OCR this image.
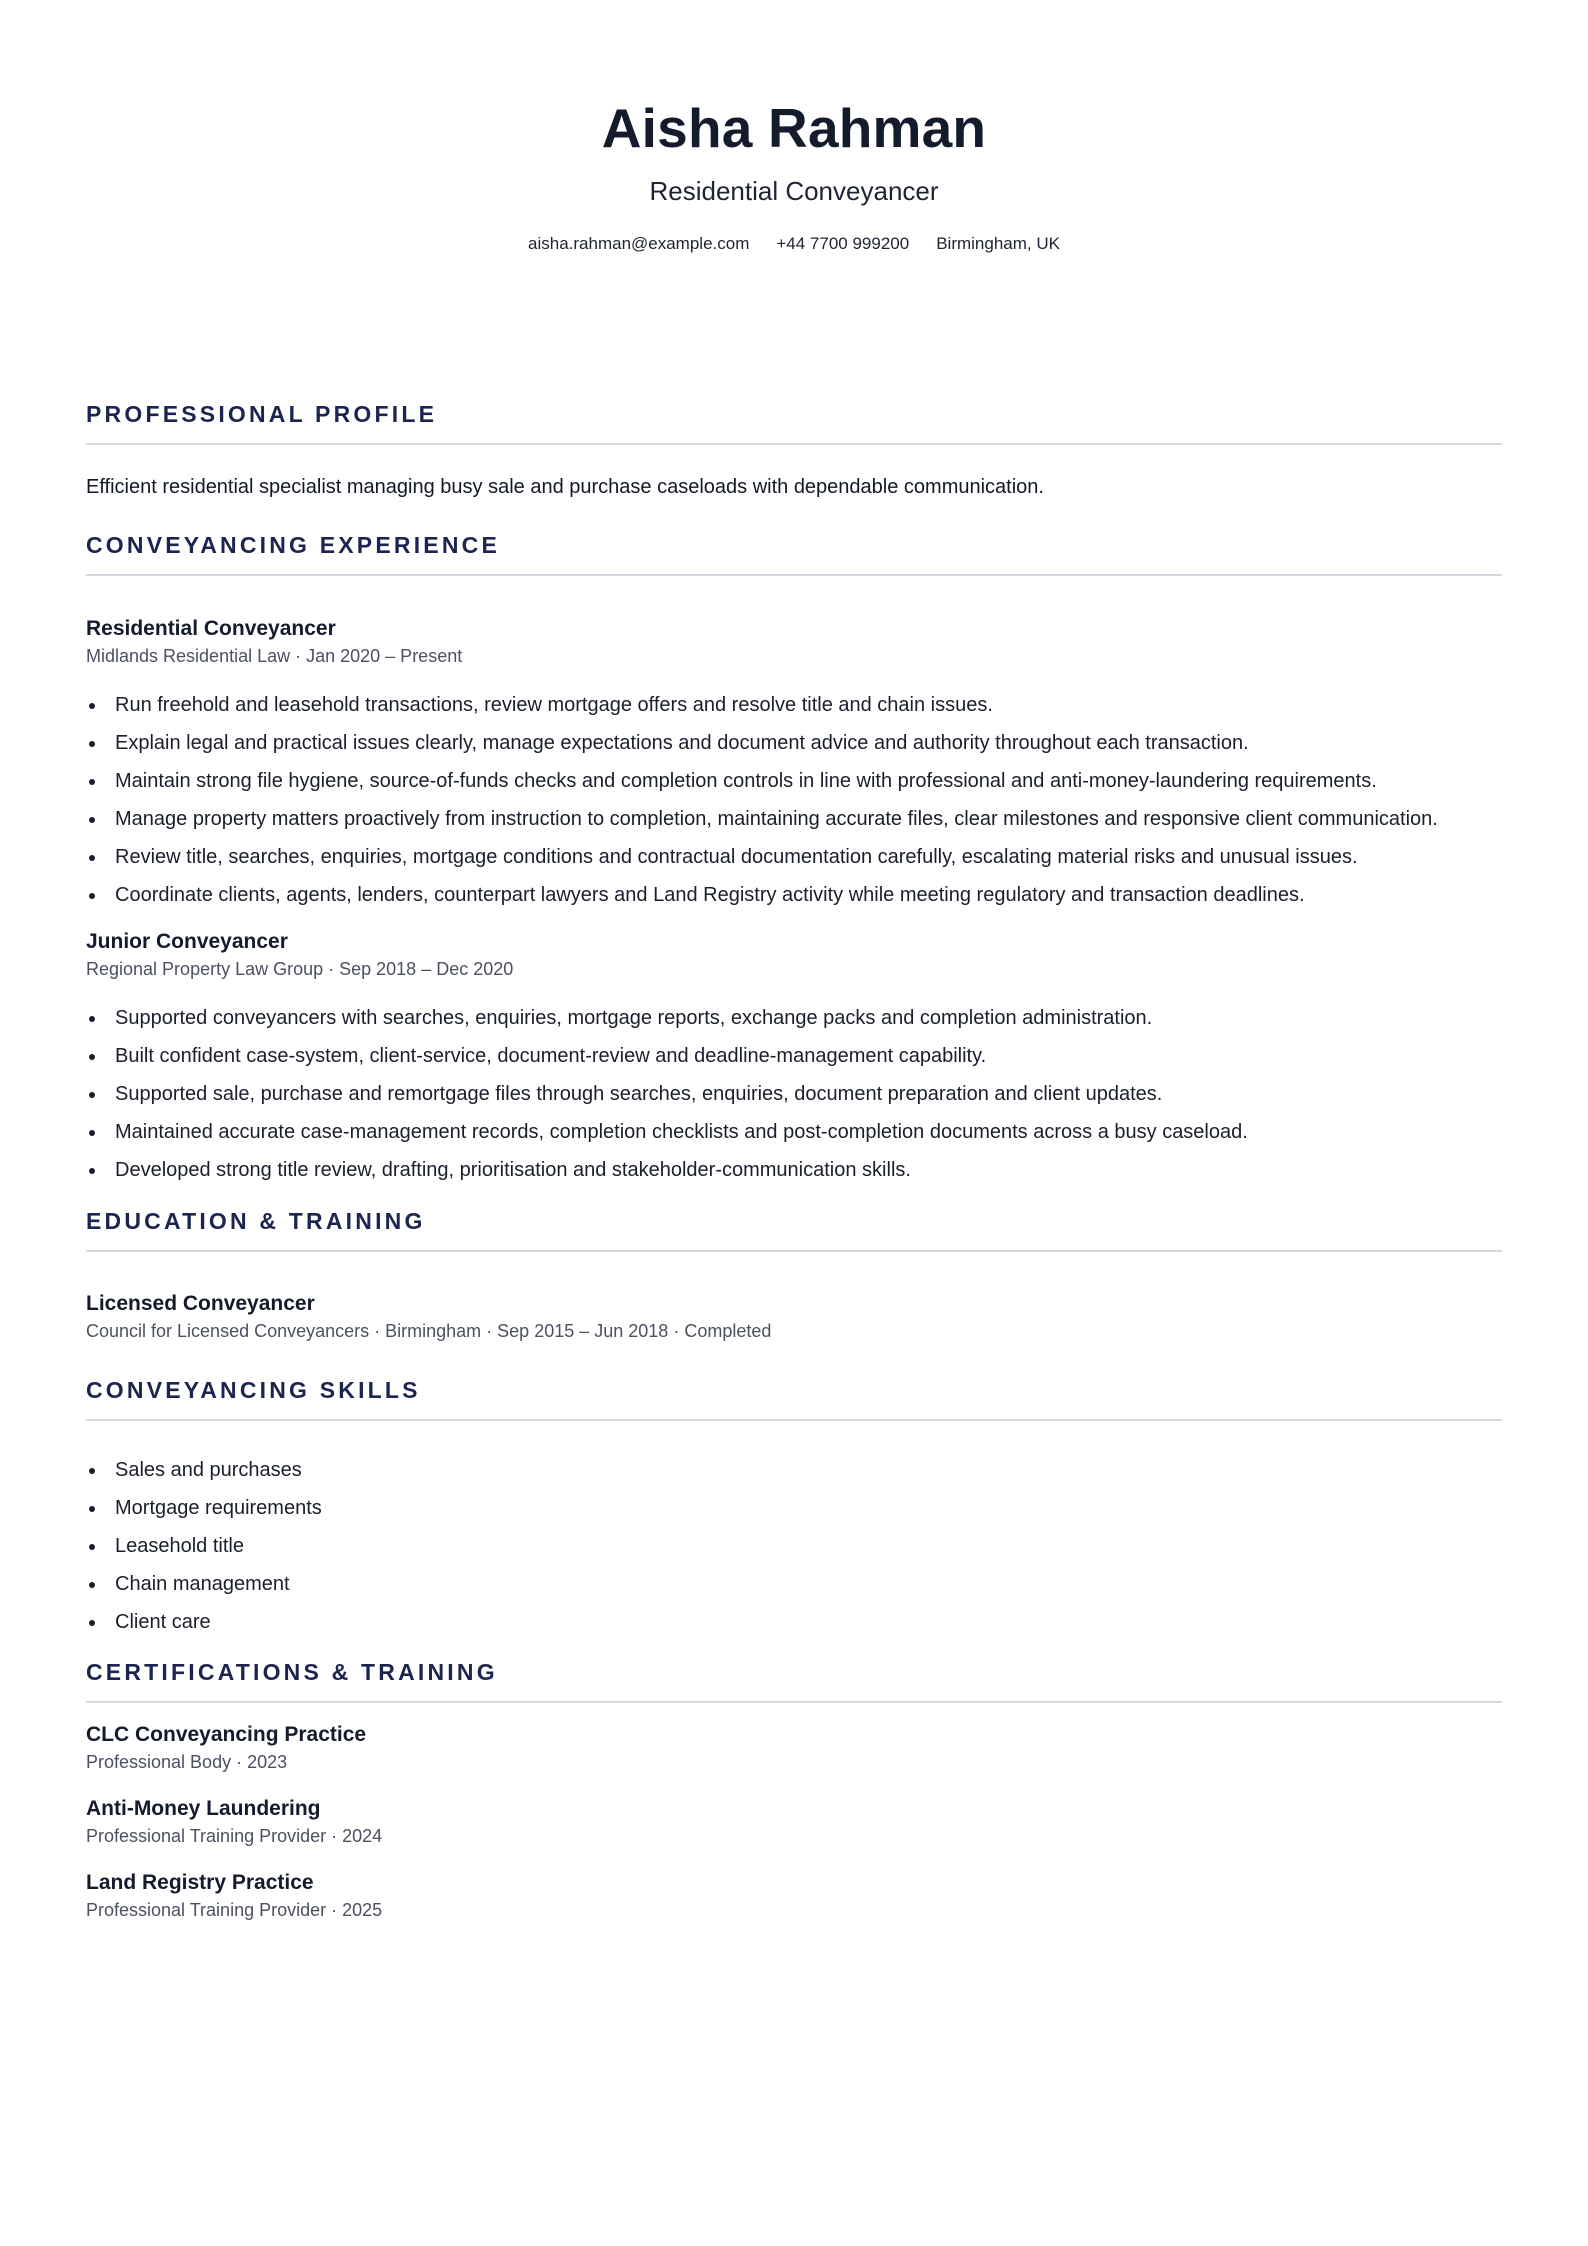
Aisha Rahman
Residential Conveyancer
aisha.rahman@example.com +44 7700 999200 Birmingham, UK
PROFESSIONAL PROFILE
Efficient residential specialist managing busy sale and purchase caseloads with dependable communication.
CONVEYANCING EXPERIENCE
Residential Conveyancer
Midlands Residential Law · Jan 2020 – Present
Run freehold and leasehold transactions, review mortgage offers and resolve title and chain issues.
Explain legal and practical issues clearly, manage expectations and document advice and authority throughout each transaction.
Maintain strong file hygiene, source-of-funds checks and completion controls in line with professional and anti-money-laundering requirements.
Manage property matters proactively from instruction to completion, maintaining accurate files, clear milestones and responsive client communication.
Review title, searches, enquiries, mortgage conditions and contractual documentation carefully, escalating material risks and unusual issues.
Coordinate clients, agents, lenders, counterpart lawyers and Land Registry activity while meeting regulatory and transaction deadlines.
Junior Conveyancer
Regional Property Law Group · Sep 2018 – Dec 2020
Supported conveyancers with searches, enquiries, mortgage reports, exchange packs and completion administration.
Built confident case-system, client-service, document-review and deadline-management capability.
Supported sale, purchase and remortgage files through searches, enquiries, document preparation and client updates.
Maintained accurate case-management records, completion checklists and post-completion documents across a busy caseload.
Developed strong title review, drafting, prioritisation and stakeholder-communication skills.
EDUCATION & TRAINING
Licensed Conveyancer
Council for Licensed Conveyancers · Birmingham · Sep 2015 – Jun 2018 · Completed
CONVEYANCING SKILLS
Sales and purchases
Mortgage requirements
Leasehold title
Chain management
Client care
CERTIFICATIONS & TRAINING
CLC Conveyancing Practice
Professional Body · 2023
Anti-Money Laundering
Professional Training Provider · 2024
Land Registry Practice
Professional Training Provider · 2025
